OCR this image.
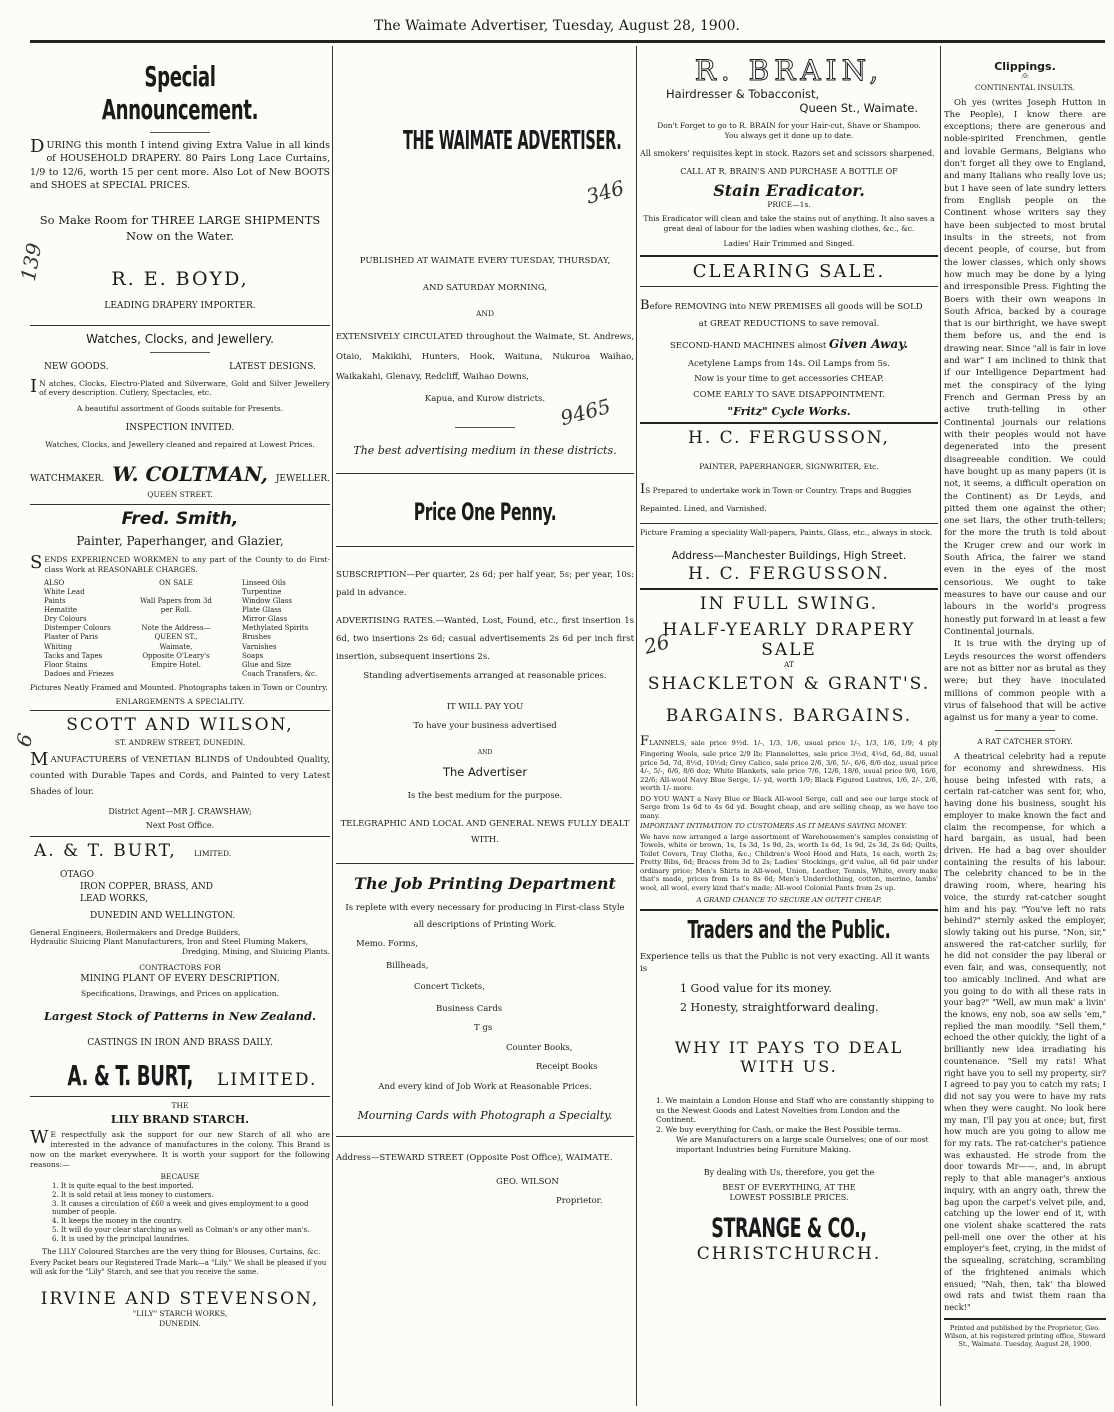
The Waimate Advertiser, Tuesday, August 28, 1900.
Special Announcement.
DURING this month I intend giving Extra Value in all kinds of HOUSEHOLD DRAPERY. 80 Pairs Long Lace Curtains, 1/9 to 12/6, worth 15 per cent more. Also Lot of New BOOTS and SHOES at SPECIAL PRICES.
So Make Room for THREE LARGE SHIPMENTS
Now on the Water.
R. E. BOYD,
LEADING DRAPERY IMPORTER.
Watches, Clocks, and Jewellery.
NEW GOODS.	LATEST DESIGNS.
I N atches, Clocks, Electro-Plated and Silverware, Gold and Silver Jewellery of every description. Cutlery, Spectacles, etc.
A beautiful assortment of Goods suitable for Presents.
INSPECTION INVITED.
Watches, Clocks, and Jewellery cleaned and repaired at Lowest Prices.
WATCHMAKER. W. COLTMAN, JEWELLER.
QUEEN STREET.
Fred. Smith,
Painter, Paperhanger, and Glazier,
SENDS EXPERIENCED WORKMEN to any part of the County to do First-class Work at REASONABLE CHARGES.
ALSO
White Lead
Paints
Hematite
Dry Colours
Distemper Colours
Plaster of Paris
Whiting
Tacks and Tapes
Floor Stains
Dadoes and Friezes
ON SALE

Wall Papers from 3d
per Roll.

Note the Address—
QUEEN ST.,
Waimate,
Opposite O'Leary's
Empire Hotel.
Linseed Oils
Turpentine
Window Glass
Plate Glass
Mirror Glass
Methylated Spirits
Brushes
Varnishes
Soaps
Glue and Size
Coach Transfers, &c.
Pictures Neatly Framed and Mounted. Photographs taken in Town or Country.
ENLARGEMENTS A SPECIALITY.
SCOTT AND WILSON,
ST. ANDREW STREET, DUNEDIN.
MANUFACTURERS of VENETIAN BLINDS of Undoubted Quality, counted with Durable Tapes and Cords, and Painted to very Latest Shades of lour.
District Agent—MR J. CRAWSHAW;
Next Post Office.
A. & T. BURT, LIMITED.
OTAGO
IRON COPPER, BRASS, AND LEAD WORKS,
DUNEDIN AND WELLINGTON.
General Engineers, Boilermakers and Dredge Builders,
Hydraulic Sluicing Plant Manufacturers, Iron and Steel Fluming Makers,
Dredging, Mining, and Sluicing Plants.
CONTRACTORS FOR
MINING PLANT OF EVERY DESCRIPTION.
Specifications, Drawings, and Prices on application.
Largest Stock of Patterns in New Zealand.
CASTINGS IN IRON AND BRASS DAILY.
A. & T. BURT, LIMITED.
THE
LILY BRAND STARCH.
W E respectfully ask the support for our new Starch of all who are interested in the advance of manufactures in the colony. This Brand is now on the market everywhere. It is worth your support for the following reasons:—
BECAUSE
1. It is quite equal to the best imported.
2. It is sold retail at less money to customers.
3. It causes a circulation of £60 a week and gives employment to a good number of people.
4. It keeps the money in the country.
5. It will do your clear starching as well as Colman's or any other man's.
6. It is used by the principal laundries.
The LILY Coloured Starches are the very thing for Blouses, Curtains, &c.
Every Packet bears our Registered Trade Mark—a "Lily." We shall be pleased if you will ask for the "Lily" Starch, and see that you receive the same.
IRVINE AND STEVENSON,
"LILY" STARCH WORKS,
DUNEDIN.
THE WAIMATE ADVERTISER.
PUBLISHED AT WAIMATE EVERY TUESDAY, THURSDAY,
AND SATURDAY MORNING,
AND
EXTENSIVELY CIRCULATED throughout the Waimate, St. Andrews, Otaio, Makikihi, Hunters, Hook, Waituna, Nukuroa Waihao, Waikakahi, Glenavy, Redcliff, Waihao Downs,
Kapua, and Kurow districts.
The best advertising medium in these districts.
Price One Penny.
SUBSCRIPTION—Per quarter, 2s 6d; per half year, 5s; per year, 10s: paid in advance.
ADVERTISING RATES.—Wanted, Lost, Found, etc., first insertion 1s 6d, two insertions 2s 6d; casual advertisements 2s 6d per inch first insertion, subsequent insertions 2s.
Standing advertisements arranged at reasonable prices.
IT WILL PAY YOU
To have your business advertised
AND
The Advertiser
Is the best medium for the purpose.
TELEGRAPHIC AND LOCAL AND GENERAL NEWS FULLY DEALT WITH.
The Job Printing Department
Is replete with every necessary for producing in First-class Style
all descriptions of Printing Work.
Memo. Forms,
Billheads,
Concert Tickets,
Business Cards
T gs
Counter Books,
Receipt Books
And every kind of Job Work at Reasonable Prices.
Mourning Cards with Photograph a Specialty.
Address—STEWARD STREET (Opposite Post Office), WAIMATE.
GEO. WILSON
Proprietor.
R. BRAIN,
Hairdresser & Tobacconist,
Queen St., Waimate.
Don't Forget to go to R. BRAIN for your Hair-cut, Shave or Shampoo.
You always get it done up to date.
All smokers' requisites kept in stock. Razors set and scissors sharpened.
CALL AT R. BRAIN'S AND PURCHASE A BOTTLE OF
Stain Eradicator.
PRICE—1s.
This Eradicator will clean and take the stains out of anything. It also saves a great deal of labour for the ladies when washing clothes, &c., &c.
Ladies' Hair Trimmed and Singed.
CLEARING SALE.
Before REMOVING into NEW PREMISES all goods will be SOLD
at GREAT REDUCTIONS to save removal.
SECOND-HAND MACHINES almost Given Away.
Acetylene Lamps from 14s. Oil Lamps from 5s.
Now is your time to get accessories CHEAP.
COME EARLY TO SAVE DISAPPOINTMENT.
"Fritz" Cycle Works.
H. C. FERGUSSON,
PAINTER, PAPERHANGER, SIGNWRITER, Etc.
IS Prepared to undertake work in Town or Country. Traps and Buggies Repainted. Lined, and Varnished.
Picture Framing a speciality Wall-papers, Paints, Glass, etc., always in stock.
Address—Manchester Buildings, High Street.
H. C. FERGUSSON.
IN FULL SWING.
HALF-YEARLY DRAPERY
SALE
AT
SHACKLETON & GRANT'S.
BARGAINS. BARGAINS.
FLANNELS, sale price 9½d. 1/-, 1/3, 1/6, usual price 1/-, 1/3, 1/6, 1/9; 4 ply Fingering Wools, sale price 2/9 lb; Flannelettes, sale price 3½d, 4½d, 6d, 8d, usual price 5d, 7d, 8½d, 10½d; Grey Calico, sale price 2/6, 3/6, 5/-, 6/6, 8/6 doz, usual price 4/-, 5/-, 6/6, 8/6 doz; White Blankets, sale price 7/6, 12/6, 18/6, usual price 9/6, 16/6, 22/6; All-wool Navy Blue Serge, 1/- yd, worth 1/9; Black Figured Lustres, 1/6, 2/-, 2/6, worth 1/- more.
DO YOU WANT a Navy Blue or Black All-wool Serge, call and see our large stock of Serge from 1s 6d to 4s 6d yd. Bought cheap, and are selling cheap, as we have too many.
IMPORTANT INTIMATION TO CUSTOMERS AS IT MEANS SAVING MONEY.
We have now arranged a large assortment of Warehousemen's samples consisting of Towels, white or brown, 1s, 1s 3d, 1s 9d, 2s, worth 1s 6d, 1s 9d, 2s 3d, 2s 6d; Quilts, Toilet Covers, Tray Cloths, &c.; Children's Wool Hood and Hats, 1s each, worth 2s; Pretty Bibs, 6d; Braces from 3d to 2s; Ladies' Stockings, gr'd value, all 6d pair under ordinary price; Men's Shirts in All-wool, Union, Leather, Tennis, White, every make that's made, prices from 1s to 8s 6d; Men's Underclothing, cotton, merino, lambs' wool, all wool, every kind that's made; All-wool Colonial Pants from 2s up.
A GRAND CHANCE TO SECURE AN OUTFIT CHEAP.
Traders and the Public.
Experience tells us that the Public is not very exacting. All it wants is
1 Good value for its money.
2 Honesty, straightforward dealing.
WHY IT PAYS TO DEAL
WITH US.
1. We maintain a London House and Staff who are constantly shipping to us the Newest Goods and Latest Novelties from London and the Continent.
2. We buy everything for Cash, or make the Best Possible terms.
We are Manufacturers on a large scale Ourselves; one of our most important Industries being Furniture Making.
By dealing with Us, therefore, you get the
BEST OF EVERYTHING, AT THE
LOWEST POSSIBLE PRICES.
STRANGE & CO.,
CHRISTCHURCH.
Clippings.
:0:
CONTINENTAL INSULTS.

Oh yes (writes Joseph Hutton in The People), I know there are exceptions; there are generous and noble-spirited Frenchmen, gentle and lovable Germans, Belgians who don't forget all they owe to England, and many Italians who really love us; but I have seen of late sundry letters from English people on the Continent whose writers say they have been subjected to most brutal insults in the streets, not from decent people, of course, but from the lower classes, which only shows how much may be done by a lying and irresponsible Press. Fighting the Boers with their own weapons in South Africa, backed by a courage that is our birthright, we have swept them before us, and the end is drawing near. Since "all is fair in love and war" I am inclined to think that if our Intelligence Department had met the conspiracy of the lying French and German Press by an active truth-telling in other Continental journals our relations with their peoples would not have degenerated into the present disagreeable condition. We could have bought up as many papers (it is not, it seems, a difficult operation on the Continent) as Dr Leyds, and pitted them one against the other; one set liars, the other truth-tellers; for the more the truth is told about the Kruger crew and our work in South Africa, the fairer we stand even in the eyes of the most censorious. We ought to take measures to have our cause and our labours in the world's progress honestly put forward in at least a few Continental journals.

It is true with the drying up of Leyds resources the worst offenders are not as bitter nor as brutal as they were; but they have inoculated millions of common people with a virus of falsehood that will be active against us for many a year to come.

A RAT CATCHER STORY.

A theatrical celebrity had a repute for economy and shrewdness. His house being infested with rats, a certain rat-catcher was sent for, who, having done his business, sought his employer to make known the fact and claim the recompense, for which a hard bargain, as usual, had been driven. He had a bag over shoulder containing the results of his labour. The celebrity chanced to be in the drawing room, where, hearing his voice, the sturdy rat-catcher sought him and his pay. "You've left no rats behind?" sternly asked the employer, slowly taking out his purse. "Non, sir," answered the rat-catcher surlily, for he did not consider the pay liberal or even fair, and was, consequently, not too amicably inclined. And what are you going to do with all these rats in your bag?" "Well, aw mun mak' a livin' the knows, eny nob, soa aw sells 'em," replied the man moodily. "Sell them," echoed the other quickly, the light of a brilliantly new idea irradiating his countenance. "Sell my rats! What right have you to sell my property, sir? I agreed to pay you to catch my rats; I did not say you were to have my rats when they were caught. No look here my man, I'll pay you at once; but, first how much are you going to allow me for my rats. The rat-catcher's patience was exhausted. He strode from the door towards Mr——, and, in abrupt reply to that able manager's anxious inquiry, with an angry oath, threw the bag upon the carpet's velvet pile, and, catching up the lower end of it, with one violent shake scattered the rats pell-mell one over the other at his employer's feet, crying, in the midst of the squealing, scratching, scrambling of the frightened animals which ensued; "Nah, then, tak' tha blowed owd rats and twist them raan tha neck!"

Printed and published by the Proprietor, Geo. Wilson, at his registered printing office, Steward St., Waimate. Tuesday, August 28, 1900.
139
6
346
9465
26
